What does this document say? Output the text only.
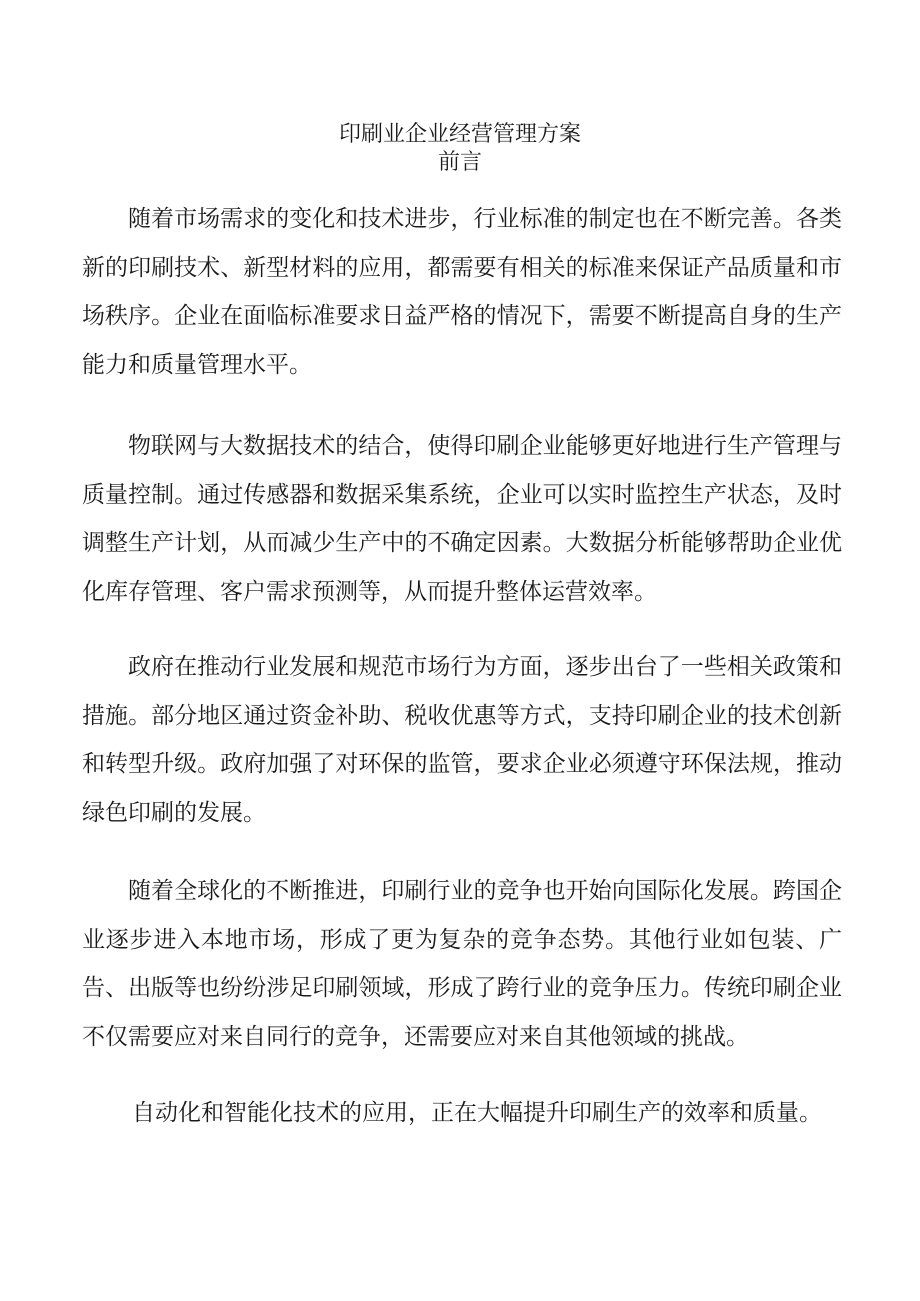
印刷业企业经营管理方案
前言

随着市场需求的变化和技术进步，行业标准的制定也在不断完善。各类新的印刷技术、新型材料的应用，都需要有相关的标准来保证产品质量和市场秩序。企业在面临标准要求日益严格的情况下，需要不断提高自身的生产能力和质量管理水平。

物联网与大数据技术的结合，使得印刷企业能够更好地进行生产管理与质量控制。通过传感器和数据采集系统，企业可以实时监控生产状态，及时调整生产计划，从而减少生产中的不确定因素。大数据分析能够帮助企业优化库存管理、客户需求预测等，从而提升整体运营效率。

政府在推动行业发展和规范市场行为方面，逐步出台了一些相关政策和措施。部分地区通过资金补助、税收优惠等方式，支持印刷企业的技术创新和转型升级。政府加强了对环保的监管，要求企业必须遵守环保法规，推动绿色印刷的发展。

随着全球化的不断推进，印刷行业的竞争也开始向国际化发展。跨国企业逐步进入本地市场，形成了更为复杂的竞争态势。其他行业如包装、广告、出版等也纷纷涉足印刷领域，形成了跨行业的竞争压力。传统印刷企业不仅需要应对来自同行的竞争，还需要应对来自其他领域的挑战。

自动化和智能化技术的应用，正在大幅提升印刷生产的效率和质量。
